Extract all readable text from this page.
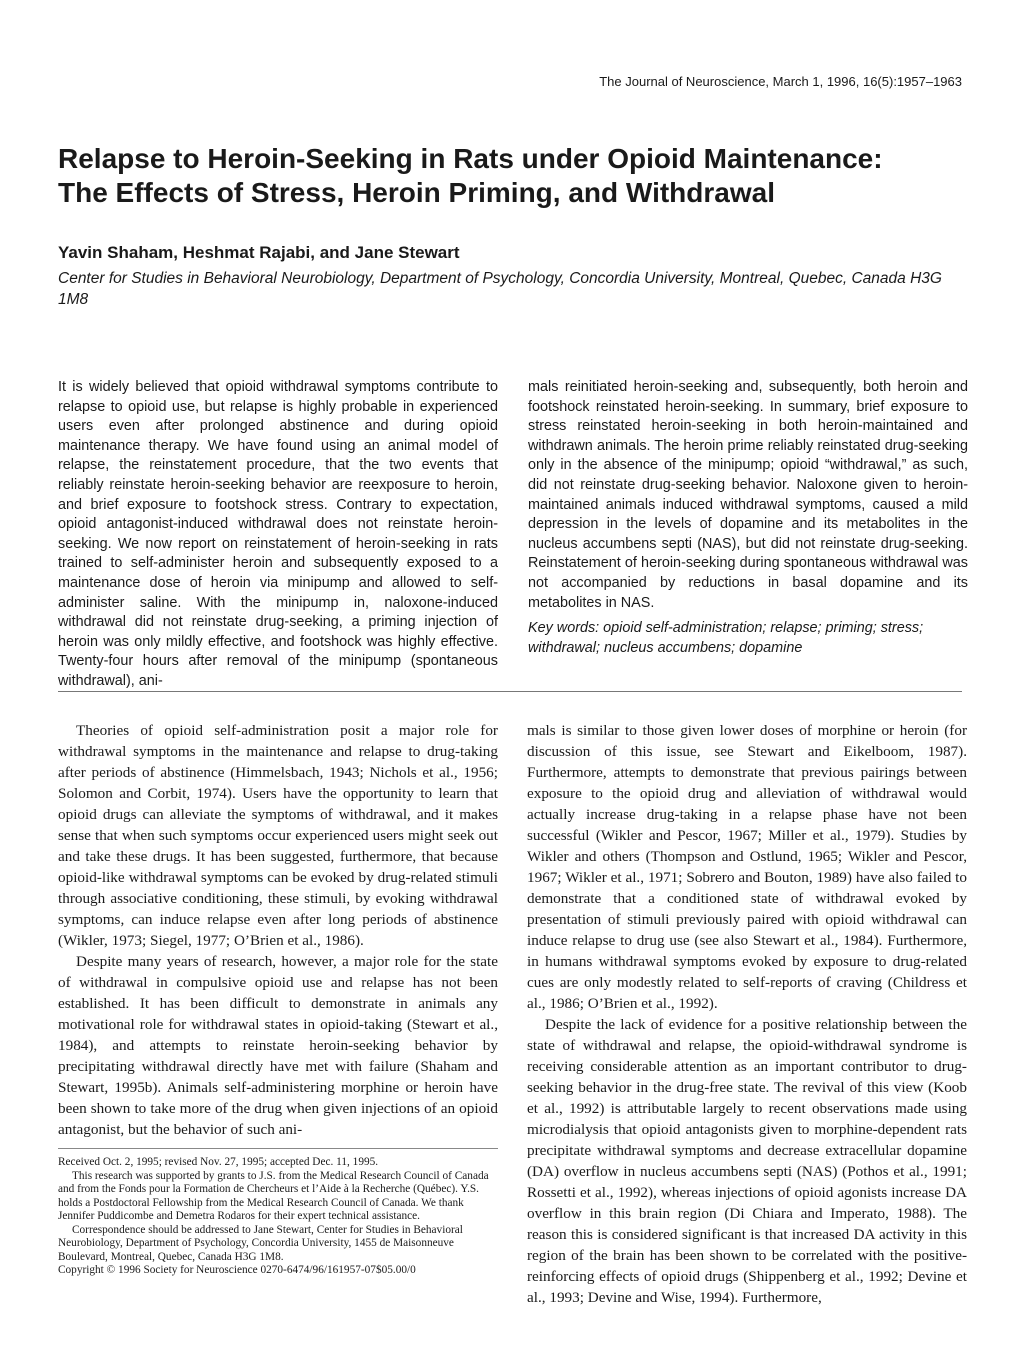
The Journal of Neuroscience, March 1, 1996, 16(5):1957–1963
Relapse to Heroin-Seeking in Rats under Opioid Maintenance:
The Effects of Stress, Heroin Priming, and Withdrawal
Yavin Shaham, Heshmat Rajabi, and Jane Stewart
Center for Studies in Behavioral Neurobiology, Department of Psychology, Concordia University, Montreal, Quebec, Canada H3G 1M8
It is widely believed that opioid withdrawal symptoms contribute to relapse to opioid use, but relapse is highly probable in experienced users even after prolonged abstinence and during opioid maintenance therapy. We have found using an animal model of relapse, the reinstatement procedure, that the two events that reliably reinstate heroin-seeking behavior are reexposure to heroin, and brief exposure to footshock stress. Contrary to expectation, opioid antagonist-induced withdrawal does not reinstate heroin-seeking. We now report on reinstatement of heroin-seeking in rats trained to self-administer heroin and subsequently exposed to a maintenance dose of heroin via minipump and allowed to self-administer saline. With the minipump in, naloxone-induced withdrawal did not reinstate drug-seeking, a priming injection of heroin was only mildly effective, and footshock was highly effective. Twenty-four hours after removal of the minipump (spontaneous withdrawal), ani-
mals reinitiated heroin-seeking and, subsequently, both heroin and footshock reinstated heroin-seeking. In summary, brief exposure to stress reinstated heroin-seeking in both heroin-maintained and withdrawn animals. The heroin prime reliably reinstated drug-seeking only in the absence of the minipump; opioid “withdrawal,” as such, did not reinstate drug-seeking behavior. Naloxone given to heroin-maintained animals induced withdrawal symptoms, caused a mild depression in the levels of dopamine and its metabolites in the nucleus accumbens septi (NAS), but did not reinstate drug-seeking. Reinstatement of heroin-seeking during spontaneous withdrawal was not accompanied by reductions in basal dopamine and its metabolites in NAS.
Key words: opioid self-administration; relapse; priming; stress; withdrawal; nucleus accumbens; dopamine

Theories of opioid self-administration posit a major role for withdrawal symptoms in the maintenance and relapse to drug-taking after periods of abstinence (Himmelsbach, 1943; Nichols et al., 1956; Solomon and Corbit, 1974). Users have the opportunity to learn that opioid drugs can alleviate the symptoms of withdrawal, and it makes sense that when such symptoms occur experienced users might seek out and take these drugs. It has been suggested, furthermore, that because opioid-like withdrawal symptoms can be evoked by drug-related stimuli through associative conditioning, these stimuli, by evoking withdrawal symptoms, can induce relapse even after long periods of abstinence (Wikler, 1973; Siegel, 1977; O’Brien et al., 1986).

Despite many years of research, however, a major role for the state of withdrawal in compulsive opioid use and relapse has not been established. It has been difficult to demonstrate in animals any motivational role for withdrawal states in opioid-taking (Stewart et al., 1984), and attempts to reinstate heroin-seeking behavior by precipitating withdrawal directly have met with failure (Shaham and Stewart, 1995b). Animals self-administering morphine or heroin have been shown to take more of the drug when given injections of an opioid antagonist, but the behavior of such ani-

mals is similar to those given lower doses of morphine or heroin (for discussion of this issue, see Stewart and Eikelboom, 1987). Furthermore, attempts to demonstrate that previous pairings between exposure to the opioid drug and alleviation of withdrawal would actually increase drug-taking in a relapse phase have not been successful (Wikler and Pescor, 1967; Miller et al., 1979). Studies by Wikler and others (Thompson and Ostlund, 1965; Wikler and Pescor, 1967; Wikler et al., 1971; Sobrero and Bouton, 1989) have also failed to demonstrate that a conditioned state of withdrawal evoked by presentation of stimuli previously paired with opioid withdrawal can induce relapse to drug use (see also Stewart et al., 1984). Furthermore, in humans withdrawal symptoms evoked by exposure to drug-related cues are only modestly related to self-reports of craving (Childress et al., 1986; O’Brien et al., 1992).

Despite the lack of evidence for a positive relationship between the state of withdrawal and relapse, the opioid-withdrawal syndrome is receiving considerable attention as an important contributor to drug-seeking behavior in the drug-free state. The revival of this view (Koob et al., 1992) is attributable largely to recent observations made using microdialysis that opioid antagonists given to morphine-dependent rats precipitate withdrawal symptoms and decrease extracellular dopamine (DA) overflow in nucleus accumbens septi (NAS) (Pothos et al., 1991; Rossetti et al., 1992), whereas injections of opioid agonists increase DA overflow in this brain region (Di Chiara and Imperato, 1988). The reason this is considered significant is that increased DA activity in this region of the brain has been shown to be correlated with the positive-reinforcing effects of opioid drugs (Shippenberg et al., 1992; Devine et al., 1993; Devine and Wise, 1994). Furthermore,

Received Oct. 2, 1995; revised Nov. 27, 1995; accepted Dec. 11, 1995.

This research was supported by grants to J.S. from the Medical Research Council of Canada and from the Fonds pour la Formation de Chercheurs et l’Aide à la Recherche (Québec). Y.S. holds a Postdoctoral Fellowship from the Medical Research Council of Canada. We thank Jennifer Puddicombe and Demetra Rodaros for their expert technical assistance.

Correspondence should be addressed to Jane Stewart, Center for Studies in Behavioral Neurobiology, Department of Psychology, Concordia University, 1455 de Maisonneuve Boulevard, Montreal, Quebec, Canada H3G 1M8.

Copyright © 1996 Society for Neuroscience 0270-6474/96/161957-07$05.00/0
